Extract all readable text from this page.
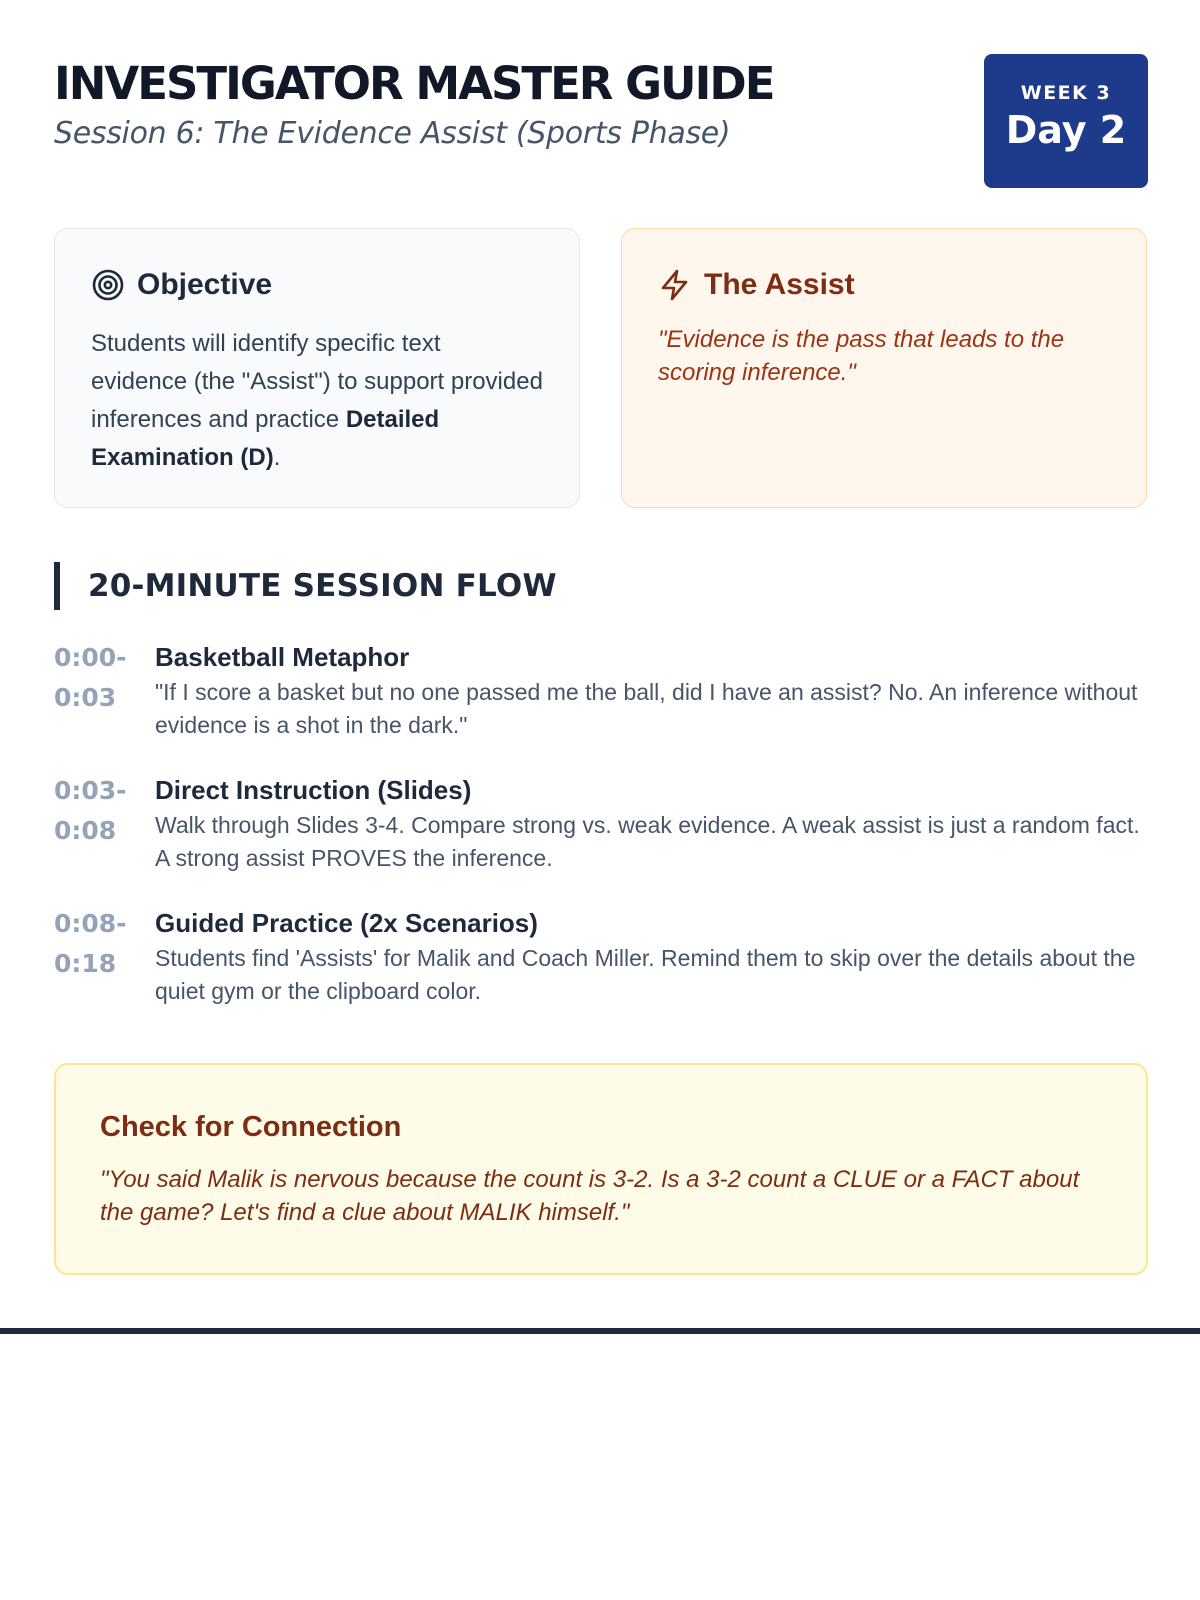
INVESTIGATOR MASTER GUIDE
Session 6: The Evidence Assist (Sports Phase)
WEEK 3
Day 2
Objective

Students will identify specific text evidence (the "Assist") to support provided inferences and practice Detailed Examination (D).

The Assist

"Evidence is the pass that leads to the scoring inference."

20-MINUTE SESSION FLOW
0:00-
0:03
Basketball Metaphor
"If I score a basket but no one passed me the ball, did I have an assist? No. An inference without evidence is a shot in the dark."
0:03-
0:08
Direct Instruction (Slides)
Walk through Slides 3-4. Compare strong vs. weak evidence. A weak assist is just a random fact. A strong assist PROVES the inference.
0:08-
0:18
Guided Practice (2x Scenarios)
Students find 'Assists' for Malik and Coach Miller. Remind them to skip over the details about the quiet gym or the clipboard color.
Check for Connection

"You said Malik is nervous because the count is 3-2. Is a 3-2 count a CLUE or a FACT about the game? Let's find a clue about MALIK himself."
